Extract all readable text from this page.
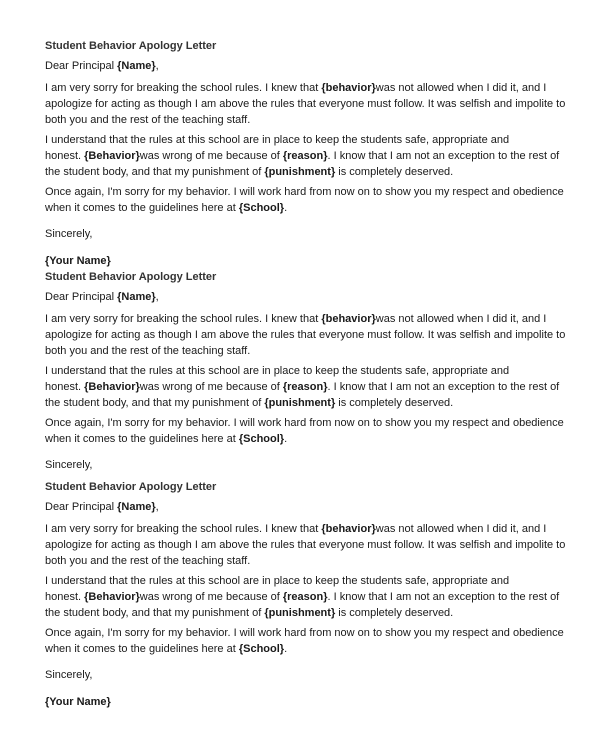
Student Behavior Apology Letter
Dear Principal {Name},
I am very sorry for breaking the school rules. I knew that {behavior}was not allowed when I did it, and I
apologize for acting as though I am above the rules that everyone must follow. It was selfish and impolite to
both you and the rest of the teaching staff.
I understand that the rules at this school are in place to keep the students safe, appropriate and
honest. {Behavior}was wrong of me because of {reason}. I know that I am not an exception to the rest of
the student body, and that my punishment of {punishment} is completely deserved.
Once again, I'm sorry for my behavior. I will work hard from now on to show you my respect and obedience
when it comes to the guidelines here at {School}.
Sincerely,
{Your Name}
Student Behavior Apology Letter
Dear Principal {Name},
I am very sorry for breaking the school rules. I knew that {behavior}was not allowed when I did it, and I
apologize for acting as though I am above the rules that everyone must follow. It was selfish and impolite to
both you and the rest of the teaching staff.
I understand that the rules at this school are in place to keep the students safe, appropriate and
honest. {Behavior}was wrong of me because of {reason}. I know that I am not an exception to the rest of
the student body, and that my punishment of {punishment} is completely deserved.
Once again, I'm sorry for my behavior. I will work hard from now on to show you my respect and obedience
when it comes to the guidelines here at {School}.
Sincerely,
Student Behavior Apology Letter
Dear Principal {Name},
I am very sorry for breaking the school rules. I knew that {behavior}was not allowed when I did it, and I
apologize for acting as though I am above the rules that everyone must follow. It was selfish and impolite to
both you and the rest of the teaching staff.
I understand that the rules at this school are in place to keep the students safe, appropriate and
honest. {Behavior}was wrong of me because of {reason}. I know that I am not an exception to the rest of
the student body, and that my punishment of {punishment} is completely deserved.
Once again, I'm sorry for my behavior. I will work hard from now on to show you my respect and obedience
when it comes to the guidelines here at {School}.
Sincerely,
{Your Name}
